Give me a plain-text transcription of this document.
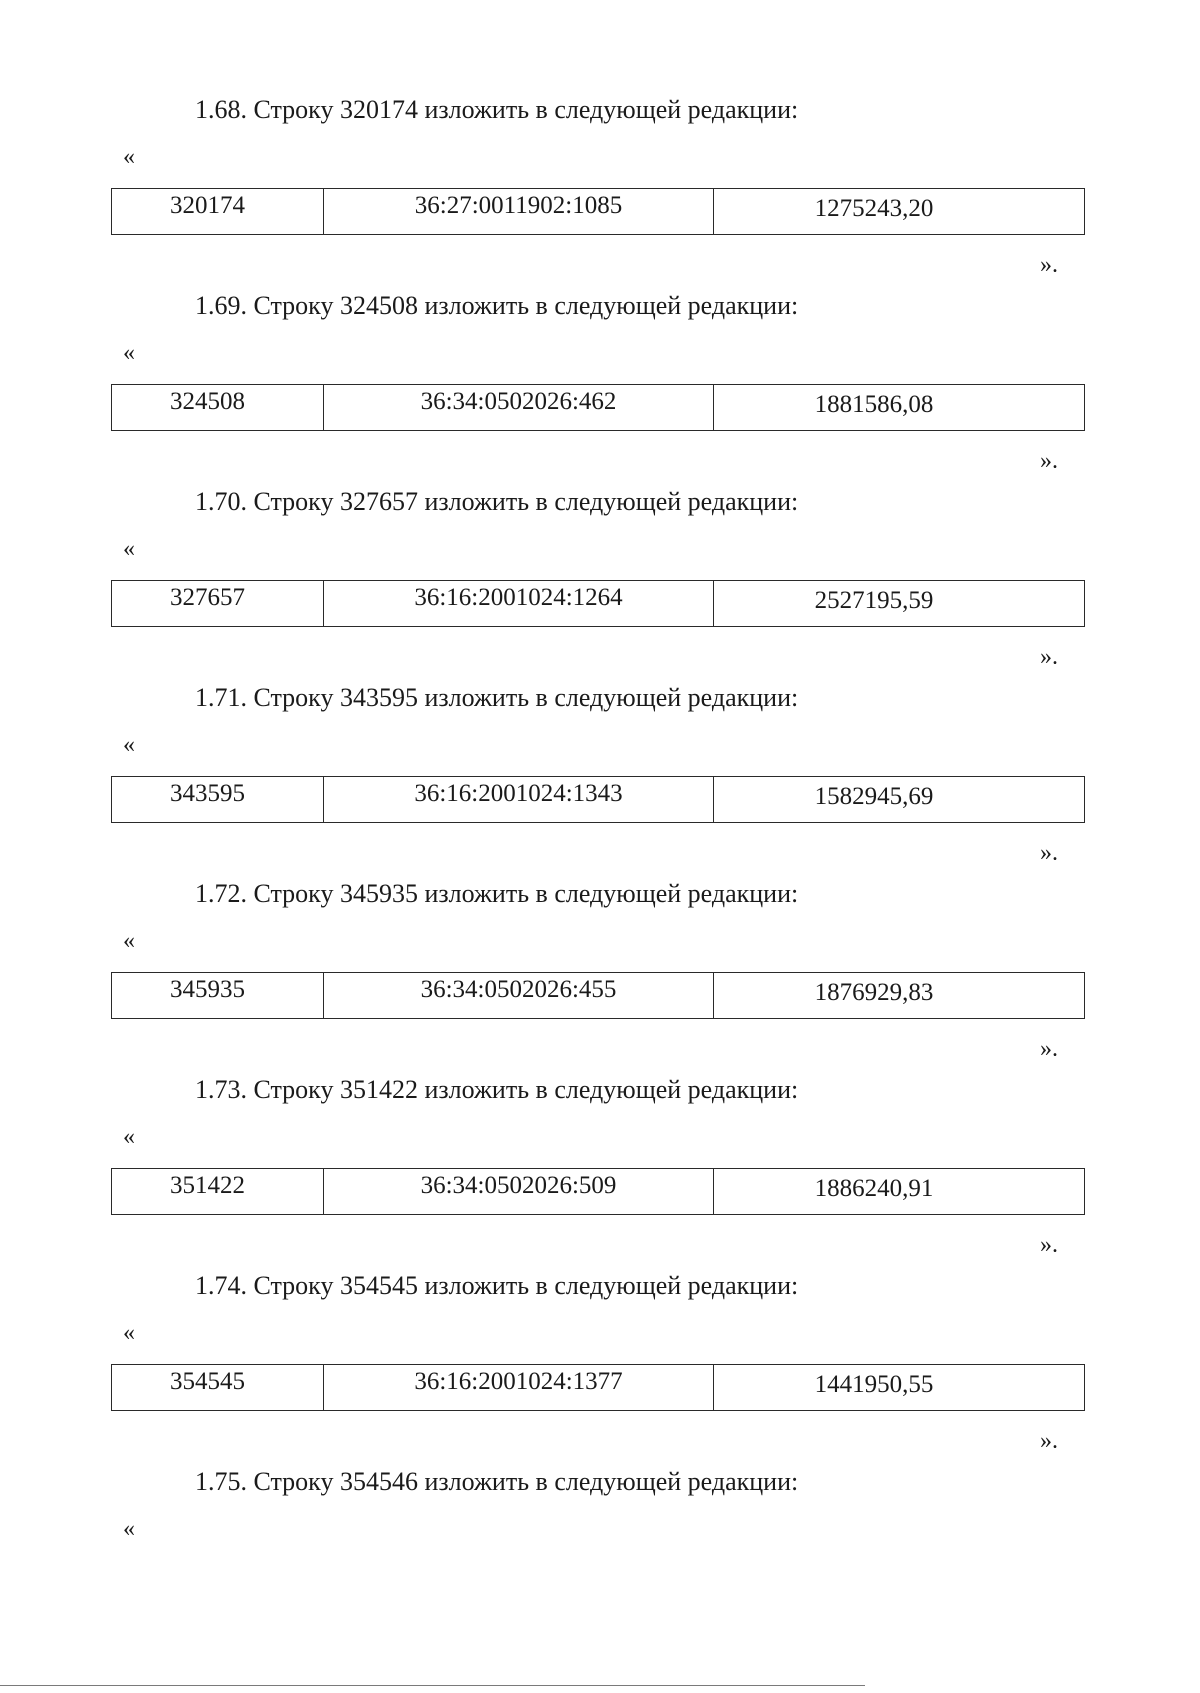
1.68. Строку 320174 изложить в следующей редакции:
«
320174	36:27:0011902:1085	1275243,20
».
1.69. Строку 324508 изложить в следующей редакции:
«
324508	36:34:0502026:462	1881586,08
».
1.70. Строку 327657 изложить в следующей редакции:
«
327657	36:16:2001024:1264	2527195,59
».
1.71. Строку 343595 изложить в следующей редакции:
«
343595	36:16:2001024:1343	1582945,69
».
1.72. Строку 345935 изложить в следующей редакции:
«
345935	36:34:0502026:455	1876929,83
».
1.73. Строку 351422 изложить в следующей редакции:
«
351422	36:34:0502026:509	1886240,91
».
1.74. Строку 354545 изложить в следующей редакции:
«
354545	36:16:2001024:1377	1441950,55
».
1.75. Строку 354546 изложить в следующей редакции:
«
